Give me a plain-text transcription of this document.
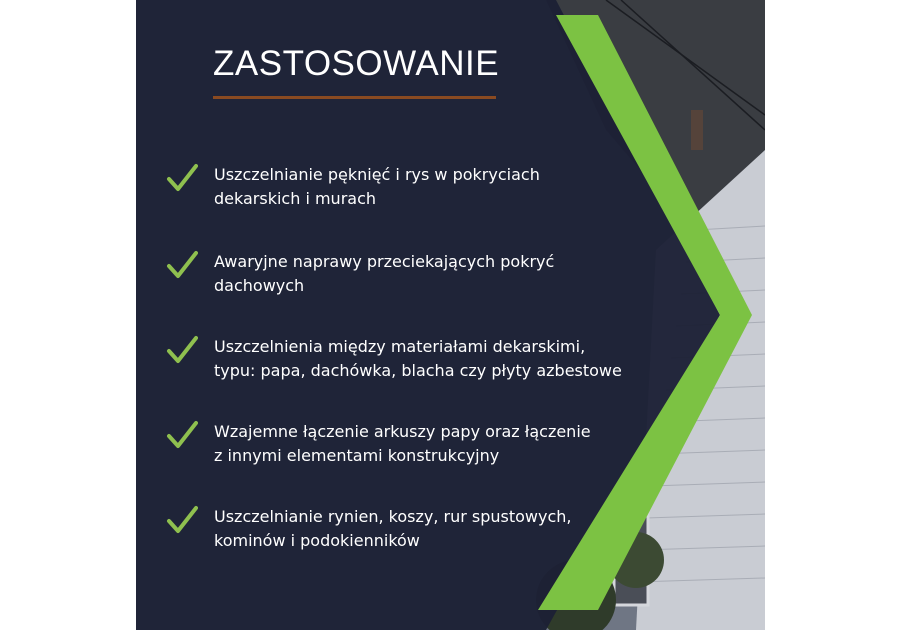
ZASTOSOWANIE
Uszczelnianie pęknięć i rys w pokryciach
dekarskich i murach
Awaryjne naprawy przeciekających pokryć
dachowych
Uszczelnienia między materiałami dekarskimi,
typu: papa, dachówka, blacha czy płyty azbestowe
Wzajemne łączenie arkuszy papy oraz łączenie
z innymi elementami konstrukcyjny
Uszczelnianie rynien, koszy, rur spustowych,
kominów i podokienników
